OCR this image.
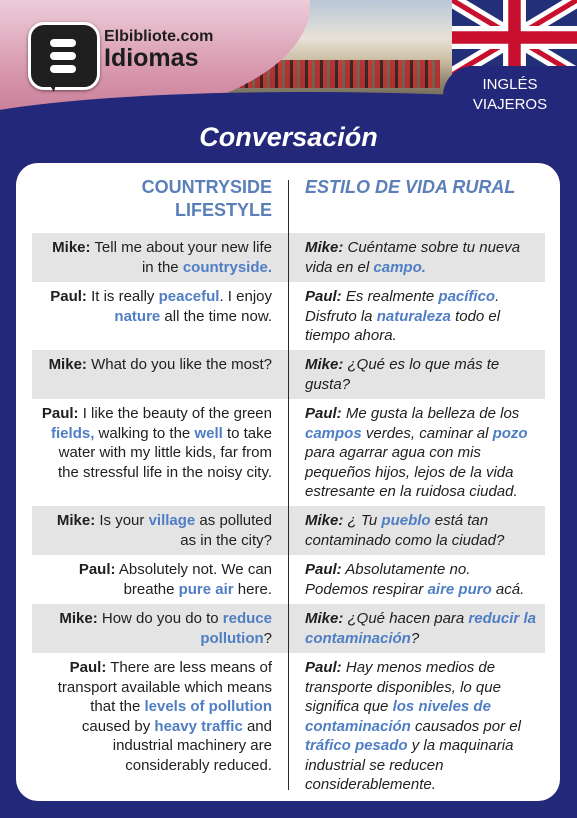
INGLÉS
VIAJEROS
Elbibliote.com
Idiomas
Conversación
COUNTRYSIDE LIFESTYLE
ESTILO DE VIDA RURAL
Mike: Tell me about your new life in the countryside.
Mike: Cuéntame sobre tu nueva vida en el campo.
Paul: It is really peaceful. I enjoy nature all the time now.
Paul: Es realmente pacífico. Disfruto la naturaleza todo el tiempo ahora.
Mike: What do you like the most? Mike: ¿Qué es lo que más te gusta?
Paul: I like the beauty of the green fields, walking to the well to take water with my little kids, far from the stressful life in the noisy city.
Paul: Me gusta la belleza de los campos verdes, caminar al pozo para agarrar agua con mis pequeños hijos, lejos de la vida estresante en la ruidosa ciudad.
Mike: Is your village as polluted as in the city?
Mike: ¿ Tu pueblo está tan contaminado como la ciudad?
Paul: Absolutely not. We can breathe pure air here.
Paul: Absolutamente no. Podemos respirar aire puro acá.
Mike: How do you do to reduce pollution?
Mike: ¿Qué hacen para reducir la contaminación?
Paul: There are less means of transport available which means that the levels of pollution caused by heavy traffic and industrial machinery are considerably reduced.
Paul: Hay menos medios de transporte disponibles, lo que significa que los niveles de contaminación causados por el tráfico pesado y la maquinaria industrial se reducen considerablemente.
